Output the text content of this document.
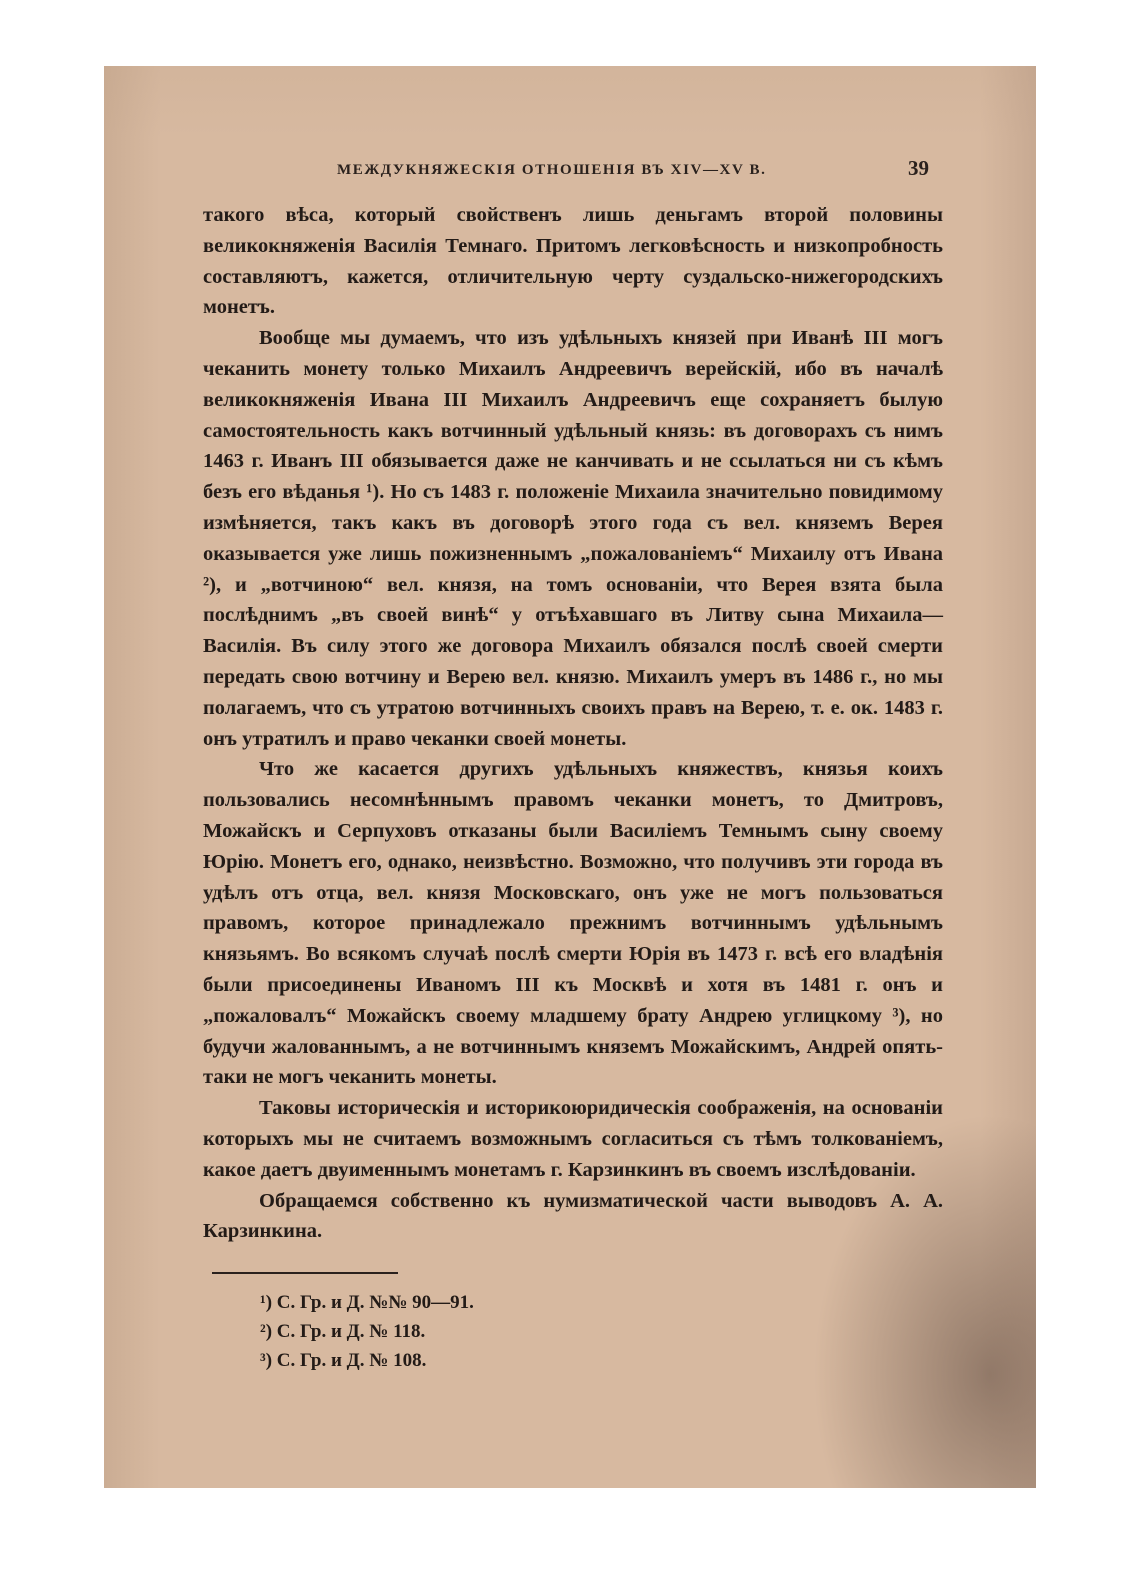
МЕЖДУКНЯЖЕСКІЯ ОТНОШЕНІЯ ВЪ XIV—XV В.	39

такого вѣса, который свойственъ лишь деньгамъ второй половины великокняженія Василія Темнаго. Притомъ легковѣсность и низкопробность составляютъ, кажется, отличительную черту суздальско-нижегородскихъ монетъ.

Вообще мы думаемъ, что изъ удѣльныхъ князей при Иванѣ III могъ чеканить монету только Михаилъ Андреевичъ верейскій, ибо въ началѣ великокняженія Ивана III Михаилъ Андреевичъ еще сохраняетъ былую самостоятельность какъ вотчинный удѣльный князь: въ договорахъ съ нимъ 1463 г. Иванъ III обязывается даже не канчивать и не ссылаться ни съ кѣмъ безъ его вѣданья ¹). Но съ 1483 г. положеніе Михаила значительно повидимому измѣняется, такъ какъ въ договорѣ этого года съ вел. княземъ Верея оказывается уже лишь пожизненнымъ „пожалованіемъ“ Михаилу отъ Ивана ²), и „вотчиною“ вел. князя, на томъ основаніи, что Верея взята была послѣднимъ „въ своей винѣ“ у отъѣхавшаго въ Литву сына Михаила—Василія. Въ силу этого же договора Михаилъ обязался послѣ своей смерти передать свою вотчину и Верею вел. князю. Михаилъ умеръ въ 1486 г., но мы полагаемъ, что съ утратою вотчинныхъ своихъ правъ на Верею, т. е. ок. 1483 г. онъ утратилъ и право чеканки своей монеты.

Что же касается другихъ удѣльныхъ княжествъ, князья коихъ пользовались несомнѣннымъ правомъ чеканки монетъ, то Дмитровъ, Можайскъ и Серпуховъ отказаны были Василіемъ Темнымъ сыну своему Юрію. Монетъ его, однако, неизвѣстно. Возможно, что получивъ эти города въ удѣлъ отъ отца, вел. князя Московскаго, онъ уже не могъ пользоваться правомъ, которое принадлежало прежнимъ вотчиннымъ удѣльнымъ князьямъ. Во всякомъ случаѣ послѣ смерти Юрія въ 1473 г. всѣ его владѣнія были присоединены Иваномъ III къ Москвѣ и хотя въ 1481 г. онъ и „пожаловалъ“ Можайскъ своему младшему брату Андрею углицкому ³), но будучи жалованнымъ, а не вотчиннымъ княземъ Можайскимъ, Андрей опять-таки не могъ чеканить монеты.

Таковы историческія и историкоюридическія соображенія, на основаніи которыхъ мы не считаемъ возможнымъ согласиться съ тѣмъ толкованіемъ, какое даетъ двуименнымъ монетамъ г. Карзинкинъ въ своемъ изслѣдованіи.

Обращаемся собственно къ нумизматической части выводовъ А. А. Карзинкина.

¹) С. Гр. и Д. №№ 90—91.
²) С. Гр. и Д. № 118.
³) С. Гр. и Д. № 108.
